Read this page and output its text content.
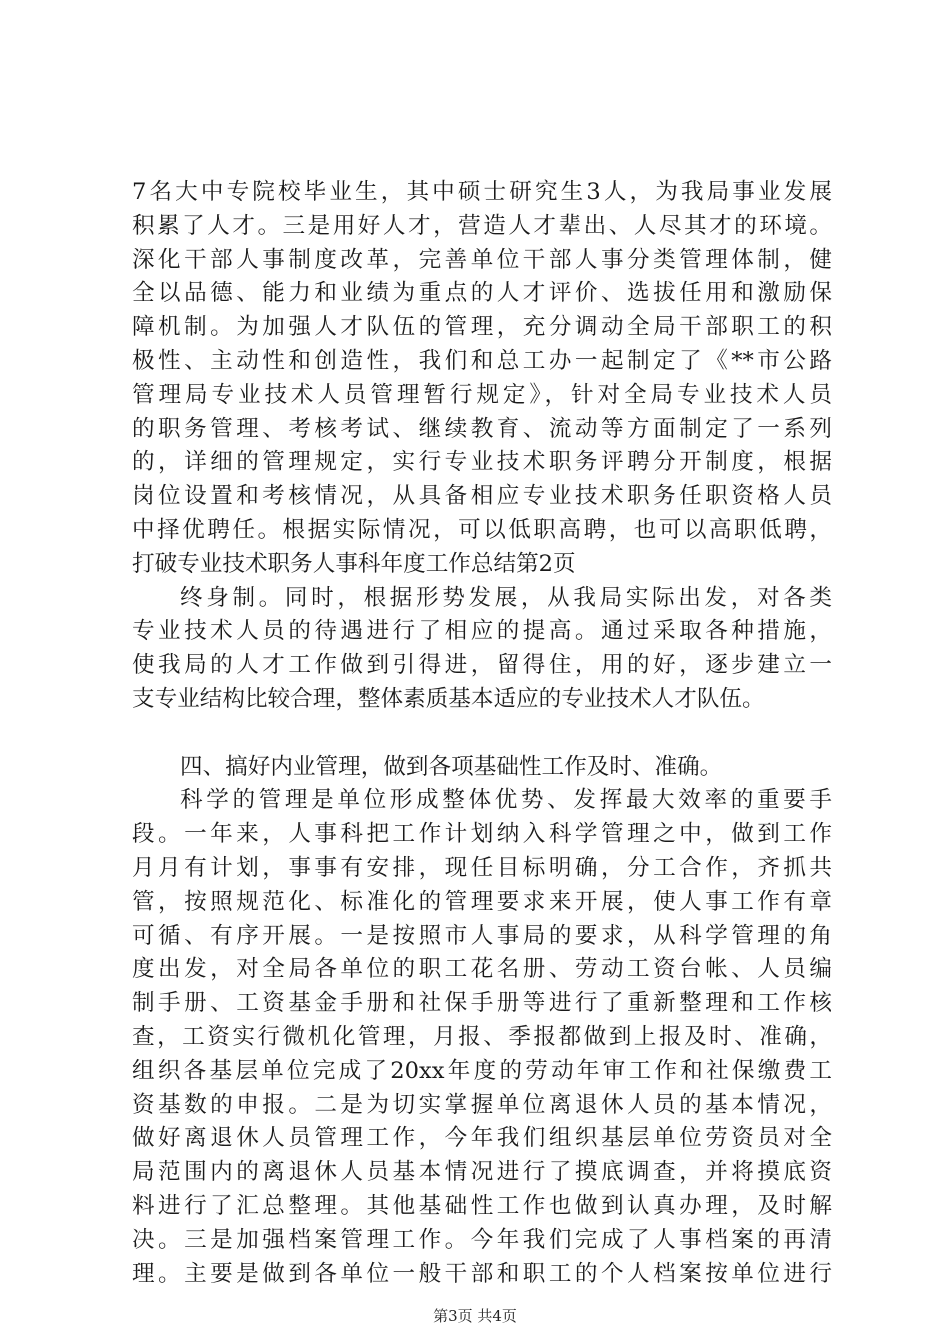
7名大中专院校毕业生，其中硕士研究生3人，为我局事业发展
积累了人才。三是用好人才，营造人才辈出、人尽其才的环境。
深化干部人事制度改革，完善单位干部人事分类管理体制，健
全以品德、能力和业绩为重点的人才评价、选拔任用和激励保
障机制。为加强人才队伍的管理，充分调动全局干部职工的积
极性、主动性和创造性，我们和总工办一起制定了《**市公路
管理局专业技术人员管理暂行规定》，针对全局专业技术人员
的职务管理、考核考试、继续教育、流动等方面制定了一系列
的，详细的管理规定，实行专业技术职务评聘分开制度，根据
岗位设置和考核情况，从具备相应专业技术职务任职资格人员
中择优聘任。根据实际情况，可以低职高聘，也可以高职低聘，
打破专业技术职务人事科年度工作总结第2页
终身制。同时，根据形势发展，从我局实际出发，对各类
专业技术人员的待遇进行了相应的提高。通过采取各种措施，
使我局的人才工作做到引得进，留得住，用的好，逐步建立一
支专业结构比较合理，整体素质基本适应的专业技术人才队伍。
四、搞好内业管理，做到各项基础性工作及时、准确。
科学的管理是单位形成整体优势、发挥最大效率的重要手
段。一年来，人事科把工作计划纳入科学管理之中，做到工作
月月有计划，事事有安排，现任目标明确，分工合作，齐抓共
管，按照规范化、标准化的管理要求来开展，使人事工作有章
可循、有序开展。一是按照市人事局的要求，从科学管理的角
度出发，对全局各单位的职工花名册、劳动工资台帐、人员编
制手册、工资基金手册和社保手册等进行了重新整理和工作核
查，工资实行微机化管理，月报、季报都做到上报及时、准确，
组织各基层单位完成了20xx年度的劳动年审工作和社保缴费工
资基数的申报。二是为切实掌握单位离退休人员的基本情况，
做好离退休人员管理工作，今年我们组织基层单位劳资员对全
局范围内的离退休人员基本情况进行了摸底调查，并将摸底资
料进行了汇总整理。其他基础性工作也做到认真办理，及时解
决。三是加强档案管理工作。今年我们完成了人事档案的再清
理。主要是做到各单位一般干部和职工的个人档案按单位进行
第3页 共4页
